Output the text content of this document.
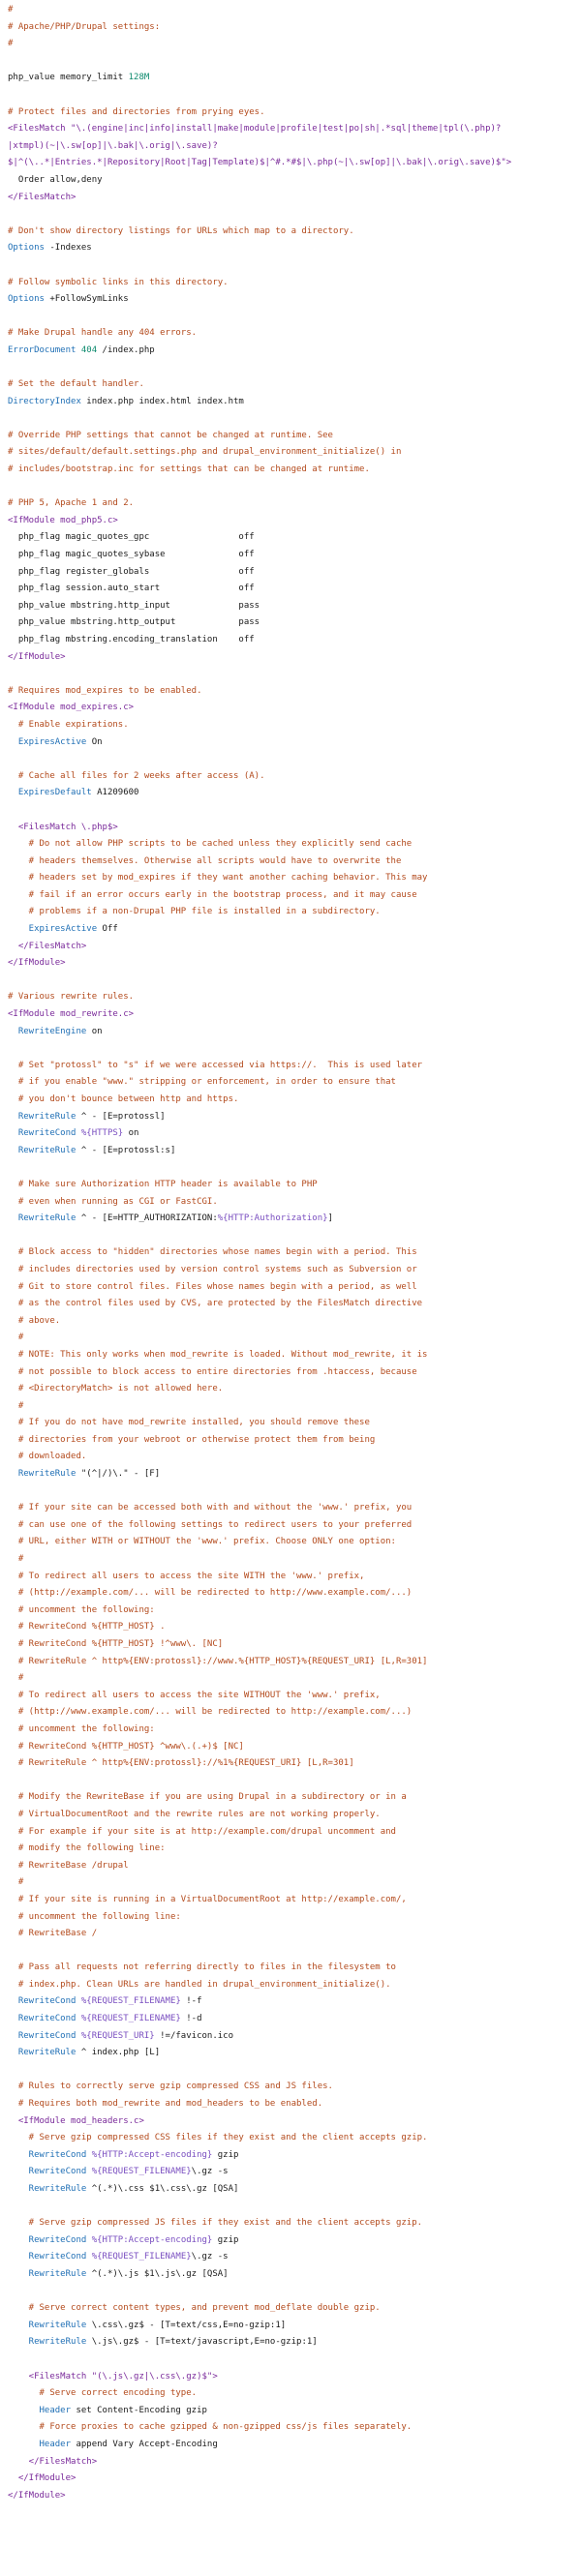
#
# Apache/PHP/Drupal settings:
#

php_value memory_limit 128M

# Protect files and directories from prying eyes.
<FilesMatch "\.(engine|inc|info|install|make|module|profile|test|po|sh|.*sql|theme|tpl(\.php)?
|xtmpl)(~|\.sw[op]|\.bak|\.orig|\.save)?
$|^(\..*|Entries.*|Repository|Root|Tag|Template)$|^#.*#$|\.php(~|\.sw[op]|\.bak|\.orig\.save)$">
Order allow,deny
</FilesMatch>

# Don't show directory listings for URLs which map to a directory.
Options -Indexes

# Follow symbolic links in this directory.
Options +FollowSymLinks

# Make Drupal handle any 404 errors.
ErrorDocument 404 /index.php

# Set the default handler.
DirectoryIndex index.php index.html index.htm

# Override PHP settings that cannot be changed at runtime. See
# sites/default/default.settings.php and drupal_environment_initialize() in
# includes/bootstrap.inc for settings that can be changed at runtime.

# PHP 5, Apache 1 and 2.
<IfModule mod_php5.c>
php_flag magic_quotes_gpc                 off
php_flag magic_quotes_sybase              off
php_flag register_globals                 off
php_flag session.auto_start               off
php_value mbstring.http_input             pass
php_value mbstring.http_output            pass
php_flag mbstring.encoding_translation    off
</IfModule>

# Requires mod_expires to be enabled.
<IfModule mod_expires.c>
# Enable expirations.
ExpiresActive On

# Cache all files for 2 weeks after access (A).
ExpiresDefault A1209600

<FilesMatch \.php$>
# Do not allow PHP scripts to be cached unless they explicitly send cache
# headers themselves. Otherwise all scripts would have to overwrite the
# headers set by mod_expires if they want another caching behavior. This may
# fail if an error occurs early in the bootstrap process, and it may cause
# problems if a non-Drupal PHP file is installed in a subdirectory.
ExpiresActive Off
</FilesMatch>
</IfModule>

# Various rewrite rules.
<IfModule mod_rewrite.c>
RewriteEngine on

# Set "protossl" to "s" if we were accessed via https://.  This is used later
# if you enable "www." stripping or enforcement, in order to ensure that
# you don't bounce between http and https.
RewriteRule ^ - [E=protossl]
RewriteCond %{HTTPS} on
RewriteRule ^ - [E=protossl:s]

# Make sure Authorization HTTP header is available to PHP
# even when running as CGI or FastCGI.
RewriteRule ^ - [E=HTTP_AUTHORIZATION:%{HTTP:Authorization}]

# Block access to "hidden" directories whose names begin with a period. This
# includes directories used by version control systems such as Subversion or
# Git to store control files. Files whose names begin with a period, as well
# as the control files used by CVS, are protected by the FilesMatch directive
# above.
#
# NOTE: This only works when mod_rewrite is loaded. Without mod_rewrite, it is
# not possible to block access to entire directories from .htaccess, because
# <DirectoryMatch> is not allowed here.
#
# If you do not have mod_rewrite installed, you should remove these
# directories from your webroot or otherwise protect them from being
# downloaded.
RewriteRule "(^|/)\." - [F]

# If your site can be accessed both with and without the 'www.' prefix, you
# can use one of the following settings to redirect users to your preferred
# URL, either WITH or WITHOUT the 'www.' prefix. Choose ONLY one option:
#
# To redirect all users to access the site WITH the 'www.' prefix,
# (http://example.com/... will be redirected to http://www.example.com/...)
# uncomment the following:
# RewriteCond %{HTTP_HOST} .
# RewriteCond %{HTTP_HOST} !^www\. [NC]
# RewriteRule ^ http%{ENV:protossl}://www.%{HTTP_HOST}%{REQUEST_URI} [L,R=301]
#
# To redirect all users to access the site WITHOUT the 'www.' prefix,
# (http://www.example.com/... will be redirected to http://example.com/...)
# uncomment the following:
# RewriteCond %{HTTP_HOST} ^www\.(.+)$ [NC]
# RewriteRule ^ http%{ENV:protossl}://%1%{REQUEST_URI} [L,R=301]

# Modify the RewriteBase if you are using Drupal in a subdirectory or in a
# VirtualDocumentRoot and the rewrite rules are not working properly.
# For example if your site is at http://example.com/drupal uncomment and
# modify the following line:
# RewriteBase /drupal
#
# If your site is running in a VirtualDocumentRoot at http://example.com/,
# uncomment the following line:
# RewriteBase /

# Pass all requests not referring directly to files in the filesystem to
# index.php. Clean URLs are handled in drupal_environment_initialize().
RewriteCond %{REQUEST_FILENAME} !-f
RewriteCond %{REQUEST_FILENAME} !-d
RewriteCond %{REQUEST_URI} !=/favicon.ico
RewriteRule ^ index.php [L]

# Rules to correctly serve gzip compressed CSS and JS files.
# Requires both mod_rewrite and mod_headers to be enabled.
<IfModule mod_headers.c>
# Serve gzip compressed CSS files if they exist and the client accepts gzip.
RewriteCond %{HTTP:Accept-encoding} gzip
RewriteCond %{REQUEST_FILENAME}\.gz -s
RewriteRule ^(.*)\.css $1\.css\.gz [QSA]

# Serve gzip compressed JS files if they exist and the client accepts gzip.
RewriteCond %{HTTP:Accept-encoding} gzip
RewriteCond %{REQUEST_FILENAME}\.gz -s
RewriteRule ^(.*)\.js $1\.js\.gz [QSA]

# Serve correct content types, and prevent mod_deflate double gzip.
RewriteRule \.css\.gz$ - [T=text/css,E=no-gzip:1]
RewriteRule \.js\.gz$ - [T=text/javascript,E=no-gzip:1]

<FilesMatch "(\.js\.gz|\.css\.gz)$">
# Serve correct encoding type.
Header set Content-Encoding gzip
# Force proxies to cache gzipped & non-gzipped css/js files separately.
Header append Vary Accept-Encoding
</FilesMatch>
</IfModule>
</IfModule>
